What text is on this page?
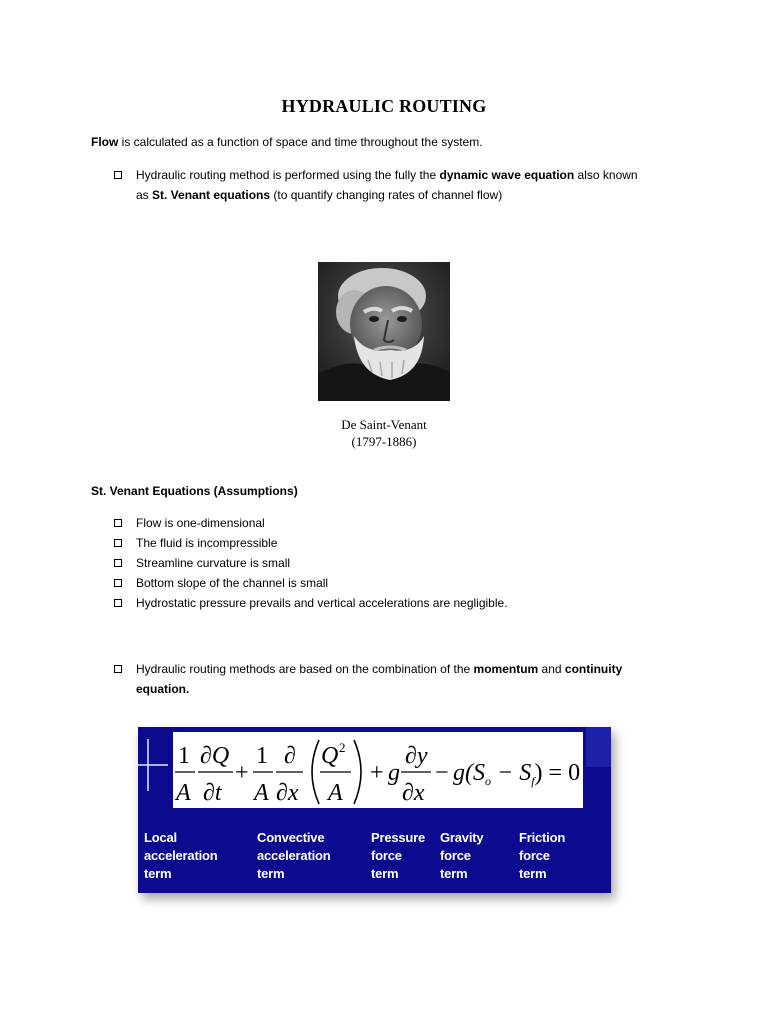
HYDRAULIC ROUTING
Flow is calculated as a function of space and time throughout the system.
Hydraulic routing method is performed using the fully the dynamic wave equation also known
as St. Venant equations (to quantify changing rates of channel flow)
De Saint-Venant
(1797-1886)
St. Venant Equations (Assumptions)
Flow is one-dimensional
The fluid is incompressible
Streamline curvature is small
Bottom slope of the channel is small
Hydrostatic pressure prevails and vertical accelerations are negligible.
Hydraulic routing methods are based on the combination of the momentum and continuity
equation.
1
A
∂Q
∂t
+
1
A
∂
∂x
Q 2
A
+ g
∂y
∂x
− $g(S_o - S_f) = 0$
Local
acceleration
term
Convective
acceleration
term
Pressure
force
term
Gravity
force
term
Friction
force
term
